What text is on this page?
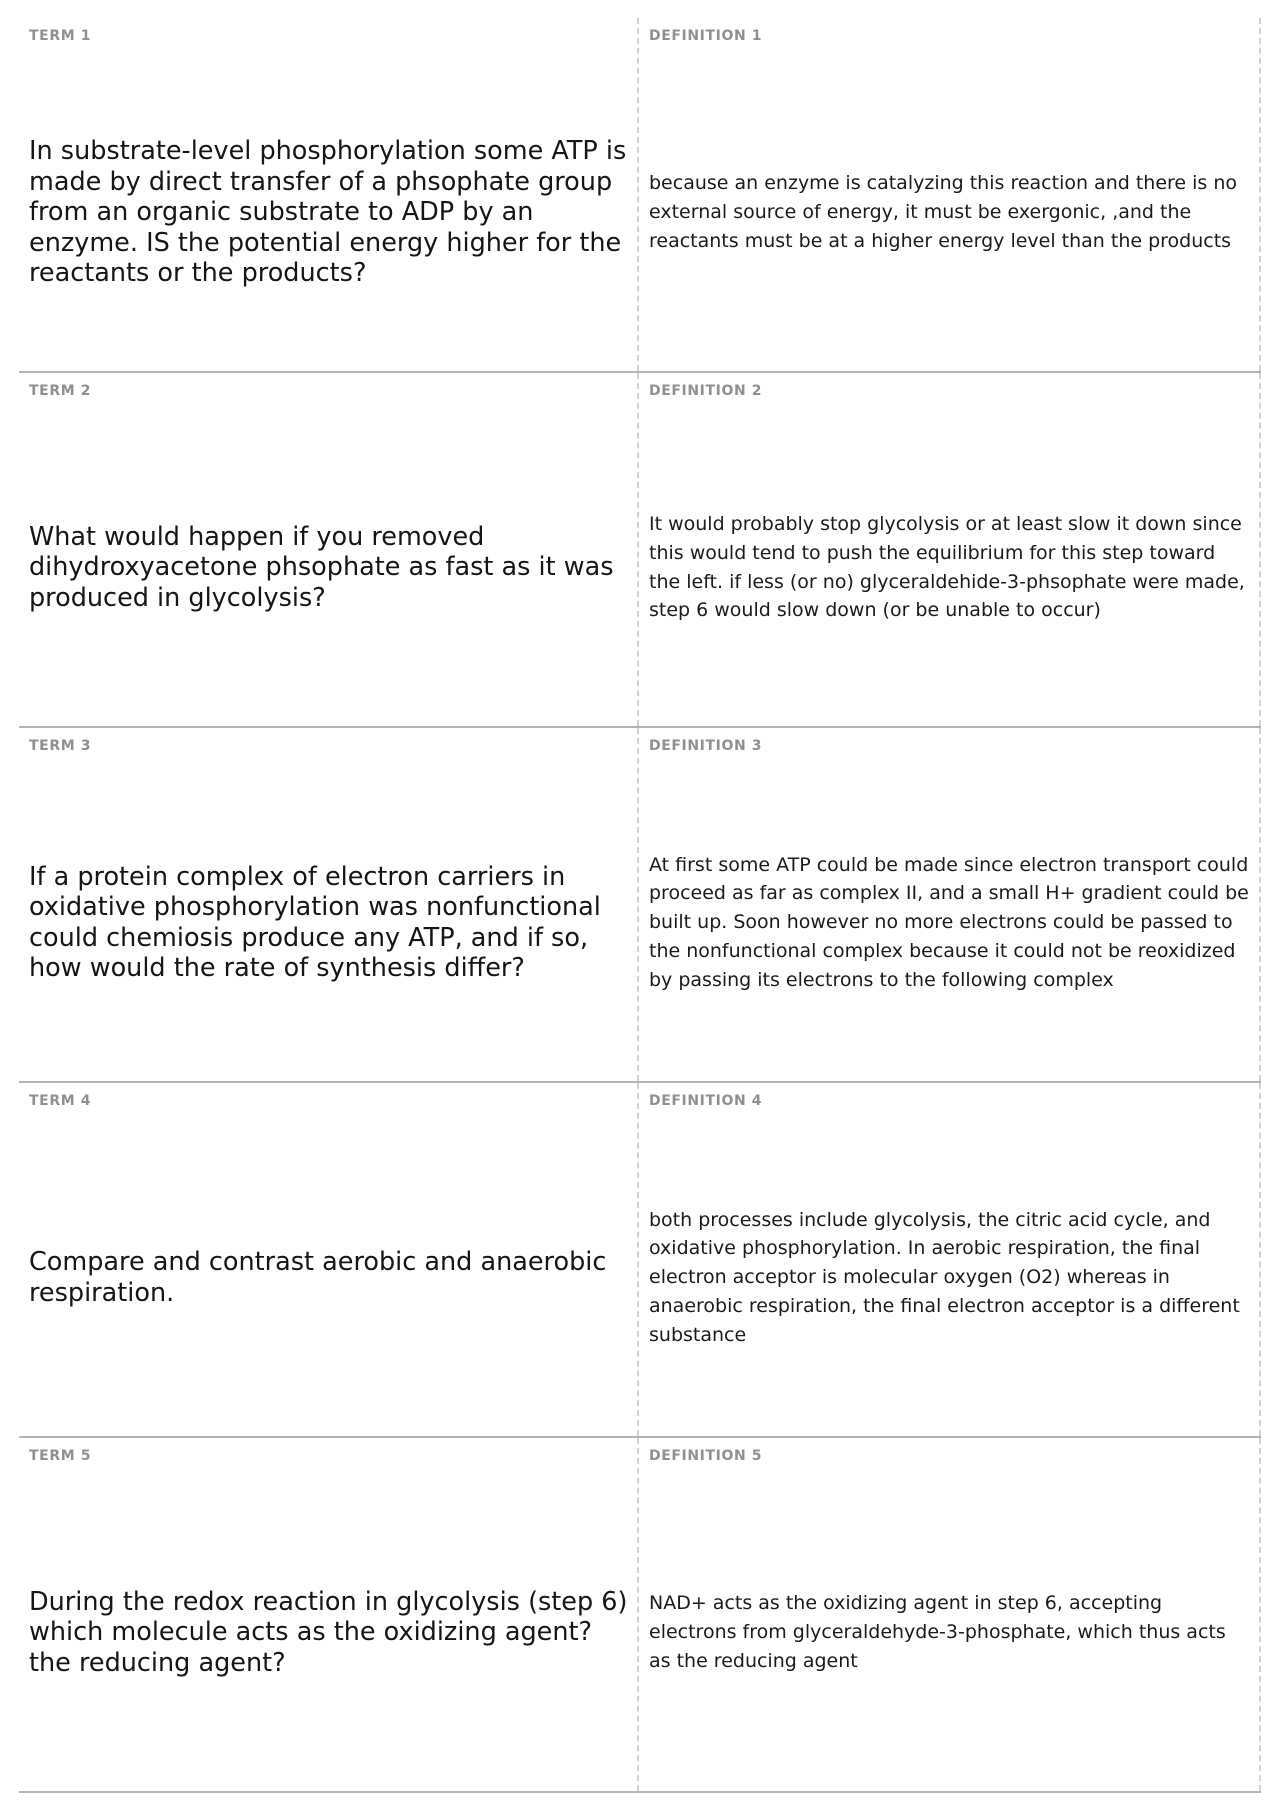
TERM 1
In substrate-level phosphorylation some ATP is made by direct transfer of a phsophate group from an organic substrate to ADP by an enzyme. IS the potential energy higher for the reactants or the products?
DEFINITION 1
because an enzyme is catalyzing this reaction and there is no external source of energy, it must be exergonic, ,and the reactants must be at a higher energy level than the products
TERM 2
What would happen if you removed dihydroxyacetone phsophate as fast as it was produced in glycolysis?
DEFINITION 2
It would probably stop glycolysis or at least slow it down since this would tend to push the equilibrium for this step toward the left. if less (or no) glyceraldehide-3-phsophate were made, step 6 would slow down (or be unable to occur)
TERM 3
If a protein complex of electron carriers in oxidative phosphorylation was nonfunctional could chemiosis produce any ATP, and if so, how would the rate of synthesis differ?
DEFINITION 3
At first some ATP could be made since electron transport could proceed as far as complex II, and a small H+ gradient could be built up. Soon however no more electrons could be passed to the nonfunctional complex because it could not be reoxidized by passing its electrons to the following complex
TERM 4
Compare and contrast aerobic and anaerobic respiration.
DEFINITION 4
both processes include glycolysis, the citric acid cycle, and oxidative phosphorylation. In aerobic respiration, the final electron acceptor is molecular oxygen (O2) whereas in anaerobic respiration, the final electron acceptor is a different substance
TERM 5
During the redox reaction in glycolysis (step 6) which molecule acts as the oxidizing agent? the reducing agent?
DEFINITION 5
NAD+ acts as the oxidizing agent in step 6, accepting electrons from glyceraldehyde-3-phosphate, which thus acts as the reducing agent
